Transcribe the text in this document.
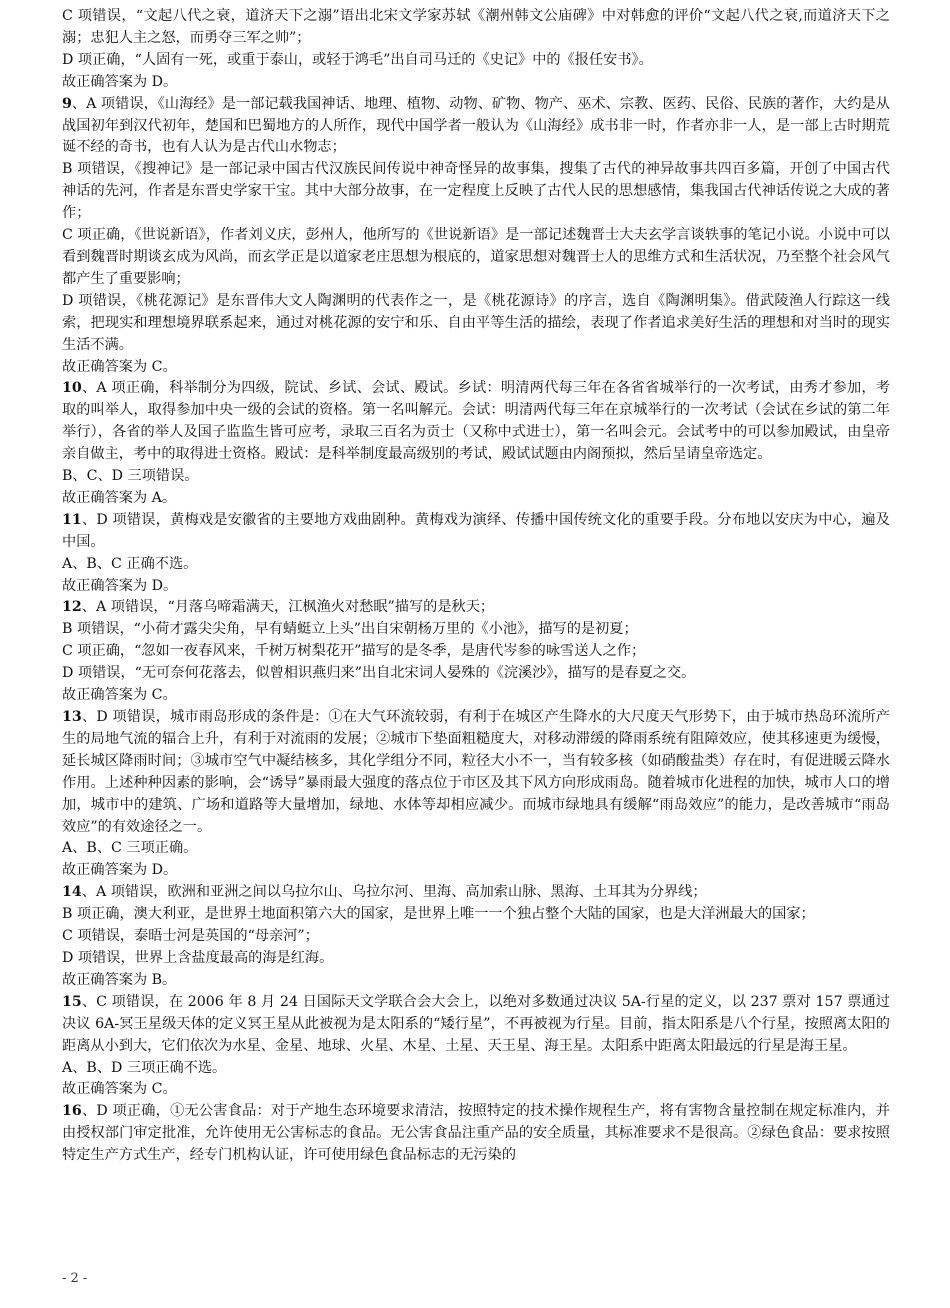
C 项错误，“文起八代之衰，道济天下之溺”语出北宋文学家苏轼《潮州韩文公庙碑》中对韩愈的评价“文起八代之衰,而道济天下之溺；忠犯人主之怒，而勇夺三军之帅”；

D 项正确，“人固有一死，或重于泰山，或轻于鸿毛”出自司马迁的《史记》中的《报任安书》。

故正确答案为 D。

9、A 项错误，《山海经》是一部记载我国神话、地理、植物、动物、矿物、物产、巫术、宗教、医药、民俗、民族的著作，大约是从战国初年到汉代初年，楚国和巴蜀地方的人所作，现代中国学者一般认为《山海经》成书非一时，作者亦非一人，是一部上古时期荒诞不经的奇书，也有人认为是古代山水物志；

B 项错误，《搜神记》是一部记录中国古代汉族民间传说中神奇怪异的故事集，搜集了古代的神异故事共四百多篇，开创了中国古代神话的先河，作者是东晋史学家干宝。其中大部分故事，在一定程度上反映了古代人民的思想感情，集我国古代神话传说之大成的著作；

C 项正确，《世说新语》，作者刘义庆，彭州人，他所写的《世说新语》是一部记述魏晋士大夫玄学言谈轶事的笔记小说。小说中可以看到魏晋时期谈玄成为风尚，而玄学正是以道家老庄思想为根底的，道家思想对魏晋士人的思维方式和生活状况，乃至整个社会风气都产生了重要影响；

D 项错误，《桃花源记》是东晋伟大文人陶渊明的代表作之一，是《桃花源诗》的序言，选自《陶渊明集》。借武陵渔人行踪这一线索，把现实和理想境界联系起来，通过对桃花源的安宁和乐、自由平等生活的描绘，表现了作者追求美好生活的理想和对当时的现实生活不满。

故正确答案为 C。

10、A 项正确，科举制分为四级，院试、乡试、会试、殿试。乡试：明清两代每三年在各省省城举行的一次考试，由秀才参加，考取的叫举人，取得参加中央一级的会试的资格。第一名叫解元。会试：明清两代每三年在京城举行的一次考试（会试在乡试的第二年举行），各省的举人及国子监监生皆可应考，录取三百名为贡士（又称中式进士），第一名叫会元。会试考中的可以参加殿试，由皇帝亲自做主，考中的取得进士资格。殿试：是科举制度最高级别的考试，殿试试题由内阁预拟，然后呈请皇帝选定。

B、C、D 三项错误。

故正确答案为 A。

11、D 项错误，黄梅戏是安徽省的主要地方戏曲剧种。黄梅戏为演绎、传播中国传统文化的重要手段。分布地以安庆为中心，遍及中国。

A、B、C 正确不选。

故正确答案为 D。

12、A 项错误，“月落乌啼霜满天，江枫渔火对愁眠”描写的是秋天；

B 项错误，“小荷才露尖尖角，早有蜻蜓立上头”出自宋朝杨万里的《小池》，描写的是初夏；

C 项正确，“忽如一夜春风来，千树万树梨花开”描写的是冬季，是唐代岑参的咏雪送人之作；

D 项错误，“无可奈何花落去，似曾相识燕归来”出自北宋词人晏殊的《浣溪沙》，描写的是春夏之交。

故正确答案为 C。

13、D 项错误，城市雨岛形成的条件是：①在大气环流较弱，有利于在城区产生降水的大尺度天气形势下，由于城市热岛环流所产生的局地气流的辐合上升，有利于对流雨的发展；②城市下垫面粗糙度大，对移动滞缓的降雨系统有阻障效应，使其移速更为缓慢，延长城区降雨时间；③城市空气中凝结核多，其化学组分不同，粒径大小不一，当有较多核（如硝酸盐类）存在时，有促进暖云降水作用。上述种种因素的影响，会“诱导”暴雨最大强度的落点位于市区及其下风方向形成雨岛。随着城市化进程的加快，城市人口的增加，城市中的建筑、广场和道路等大量增加，绿地、水体等却相应减少。而城市绿地具有缓解“雨岛效应”的能力，是改善城市“雨岛效应”的有效途径之一。

A、B、C 三项正确。

故正确答案为 D。

14、A 项错误，欧洲和亚洲之间以乌拉尔山、乌拉尔河、里海、高加索山脉、黑海、土耳其为分界线；

B 项正确，澳大利亚，是世界土地面积第六大的国家，是世界上唯一一个独占整个大陆的国家，也是大洋洲最大的国家；

C 项错误，泰晤士河是英国的“母亲河”；

D 项错误，世界上含盐度最高的海是红海。

故正确答案为 B。

15、C 项错误，在 2006 年 8 月 24 日国际天文学联合会大会上，以绝对多数通过决议 5A-行星的定义，以 237 票对 157 票通过决议 6A-冥王星级天体的定义冥王星从此被视为是太阳系的“矮行星”，不再被视为行星。目前，指太阳系是八个行星，按照离太阳的距离从小到大，它们依次为水星、金星、地球、火星、木星、土星、天王星、海王星。太阳系中距离太阳最远的行星是海王星。

A、B、D 三项正确不选。

故正确答案为 C。

16、D 项正确，①无公害食品：对于产地生态环境要求清洁，按照特定的技术操作规程生产，将有害物含量控制在规定标准内，并由授权部门审定批准，允许使用无公害标志的食品。无公害食品注重产品的安全质量，其标准要求不是很高。②绿色食品：要求按照特定生产方式生产，经专门机构认证，许可使用绿色食品标志的无污染的

- 2 -
